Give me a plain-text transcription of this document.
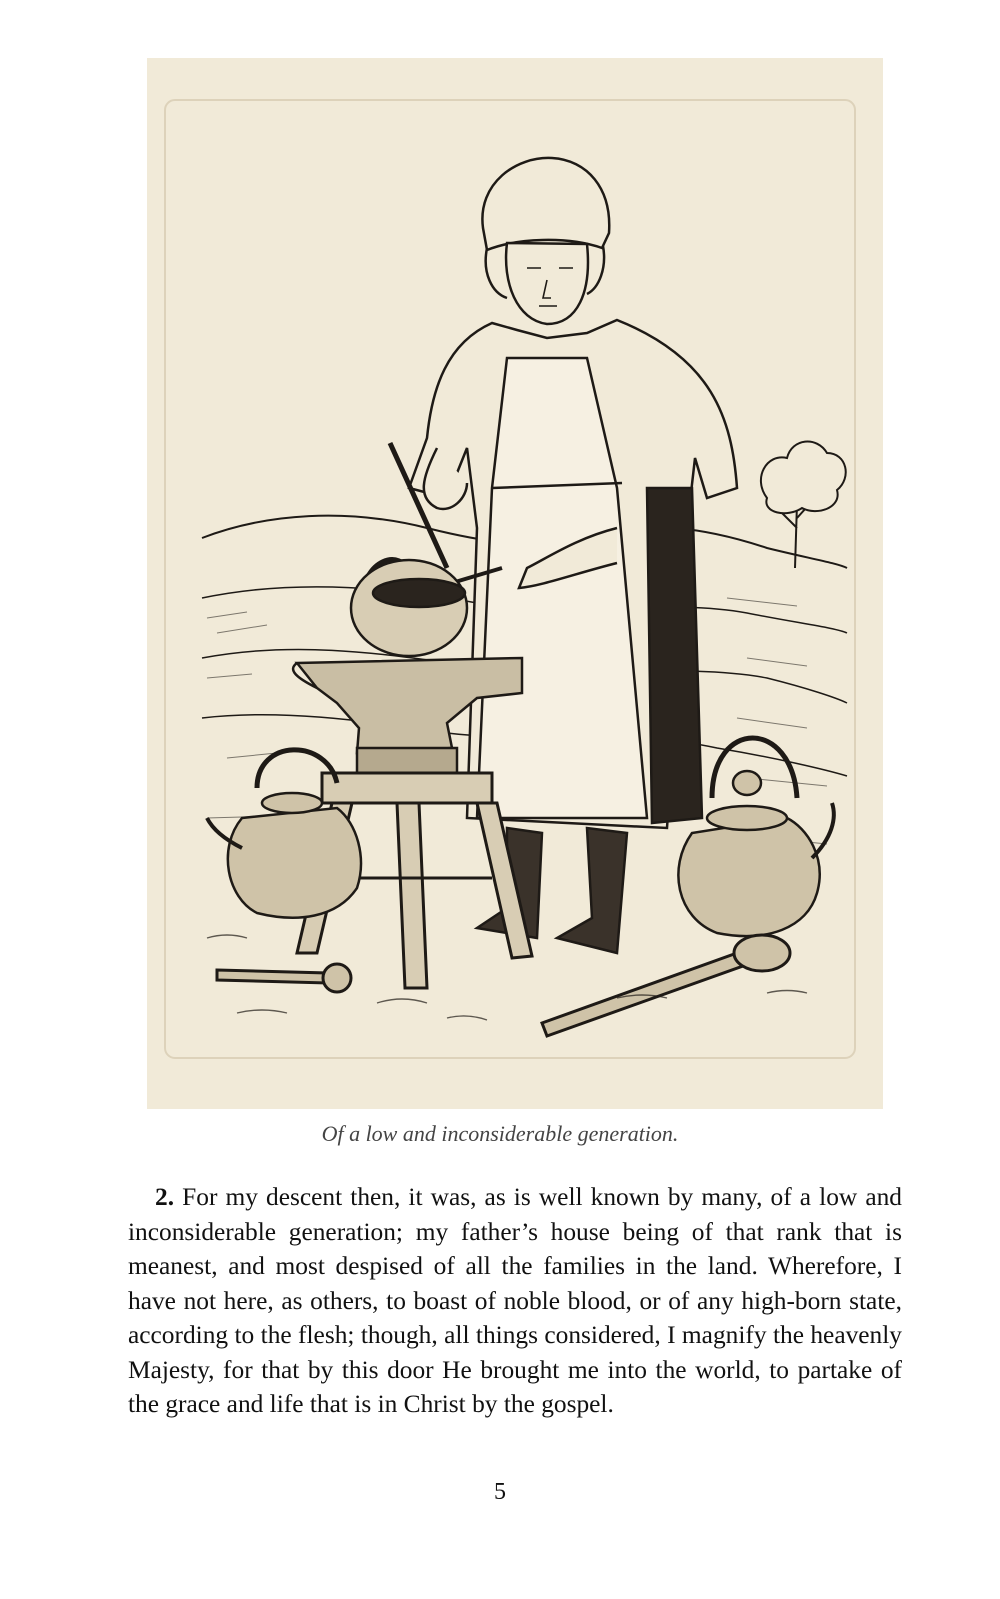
Of a low and inconsiderable generation.

2. For my descent then, it was, as is well known by many, of a low and inconsiderable generation; my father’s house being of that rank that is meanest, and most despised of all the families in the land. Wherefore, I have not here, as others, to boast of noble blood, or of any high-born state, according to the flesh; though, all things considered, I magnify the heavenly Majesty, for that by this door He brought me into the world, to partake of the grace and life that is in Christ by the gospel.

5
